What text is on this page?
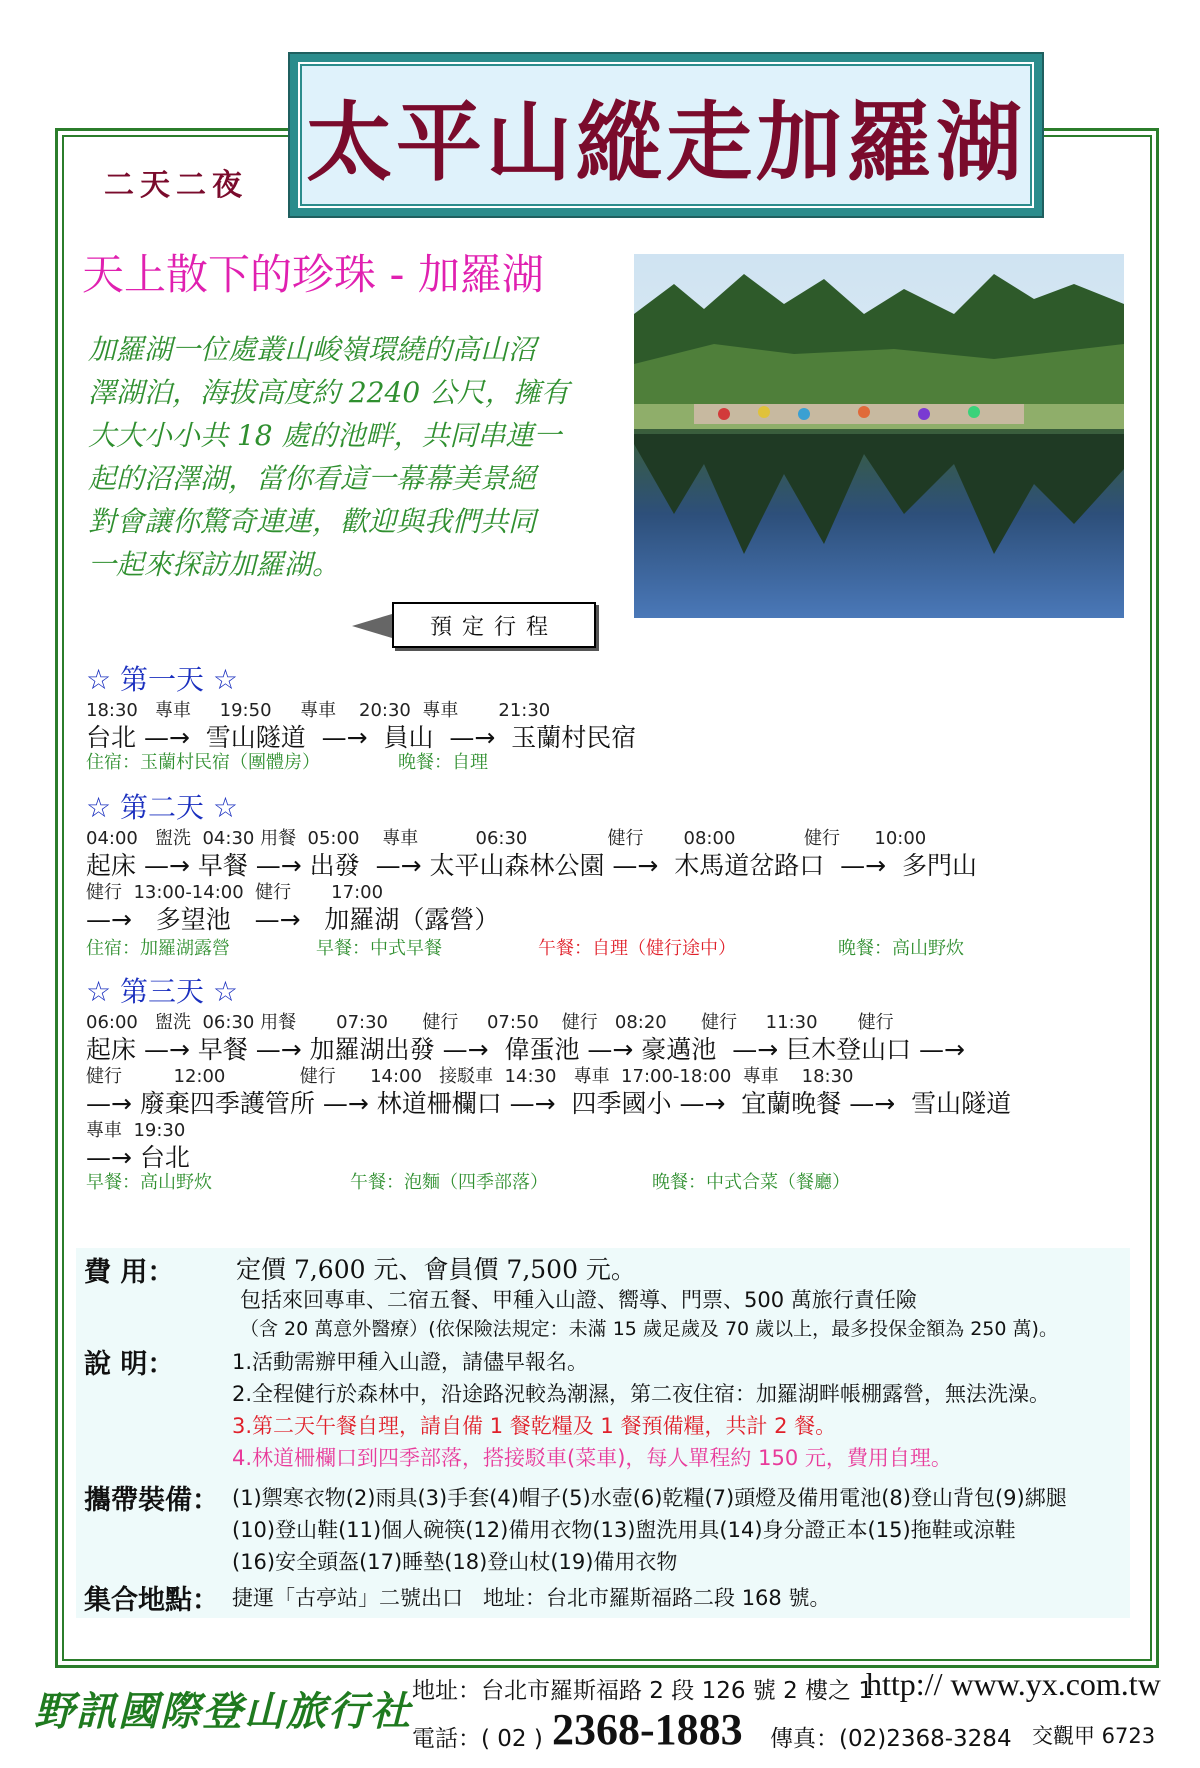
太平山縱走加羅湖
二天二夜
天上散下的珍珠 - 加羅湖
加羅湖一位處叢山峻嶺環繞的高山沼
澤湖泊，海拔高度約 2240 公尺，擁有
大大小小共 18 處的池畔，共同串連一
起的沼澤湖，當你看這一幕幕美景絕
對會讓你驚奇連連，歡迎與我們共同
一起來探訪加羅湖。
預定行程
☆ 第一天 ☆
18:30   專車     19:50     專車    20:30  專車       21:30
台北 —→  雪山隧道  —→  員山  —→  玉蘭村民宿
住宿：玉蘭村民宿（團體房）	晚餐：自理
☆ 第二天 ☆
04:00   盥洗  04:30 用餐  05:00    專車          06:30              健行       08:00            健行      10:00
起床 —→ 早餐 —→ 出發  —→ 太平山森林公園 —→  木馬道岔路口  —→  多門山
健行  13:00-14:00  健行       17:00
—→   多望池   —→   加羅湖（露營）
住宿：加羅湖露營	早餐：中式早餐	午餐：自理（健行途中）	晚餐：高山野炊
☆ 第三天 ☆
06:00   盥洗  06:30 用餐       07:30      健行     07:50    健行   08:20      健行     11:30       健行
起床 —→ 早餐 —→ 加羅湖出發 —→  偉蛋池 —→ 豪邁池  —→ 巨木登山口 —→
健行         12:00             健行      14:00   接駁車  14:30   專車  17:00-18:00  專車    18:30
—→ 廢棄四季護管所 —→ 林道柵欄口 —→  四季國小 —→  宜蘭晚餐 —→  雪山隧道
專車  19:30
—→ 台北
早餐：高山野炊	午餐：泡麵（四季部落）	晚餐：中式合菜（餐廳）
費 用： 定價 7,600 元、會員價 7,500 元。
包括來回專車、二宿五餐、甲種入山證、嚮導、門票、500 萬旅行責任險
（含 20 萬意外醫療）(依保險法規定：未滿 15 歲足歲及 70 歲以上，最多投保金額為 250 萬)。
說 明：	1.活動需辦甲種入山證，請儘早報名。
2.全程健行於森林中，沿途路況較為潮濕，第二夜住宿：加羅湖畔帳棚露營，無法洗澡。
3.第二天午餐自理，請自備 1 餐乾糧及 1 餐預備糧，共計 2 餐。
4.林道柵欄口到四季部落，搭接駁車(菜車)，每人單程約 150 元，費用自理。
攜帶裝備： (1)禦寒衣物(2)雨具(3)手套(4)帽子(5)水壺(6)乾糧(7)頭燈及備用電池(8)登山背包(9)綁腿
(10)登山鞋(11)個人碗筷(12)備用衣物(13)盥洗用具(14)身分證正本(15)拖鞋或涼鞋
(16)安全頭盔(17)睡墊(18)登山杖(19)備用衣物
集合地點： 捷運「古亭站」二號出口   地址：台北市羅斯福路二段 168 號。
野訊國際登山旅行社 地址：台北市羅斯福路 2 段 126 號 2 樓之 1
http:// www.yx.com.tw
電話：( 02 ) 2368-1883 傳真：(02)2368-3284 交觀甲 6723
